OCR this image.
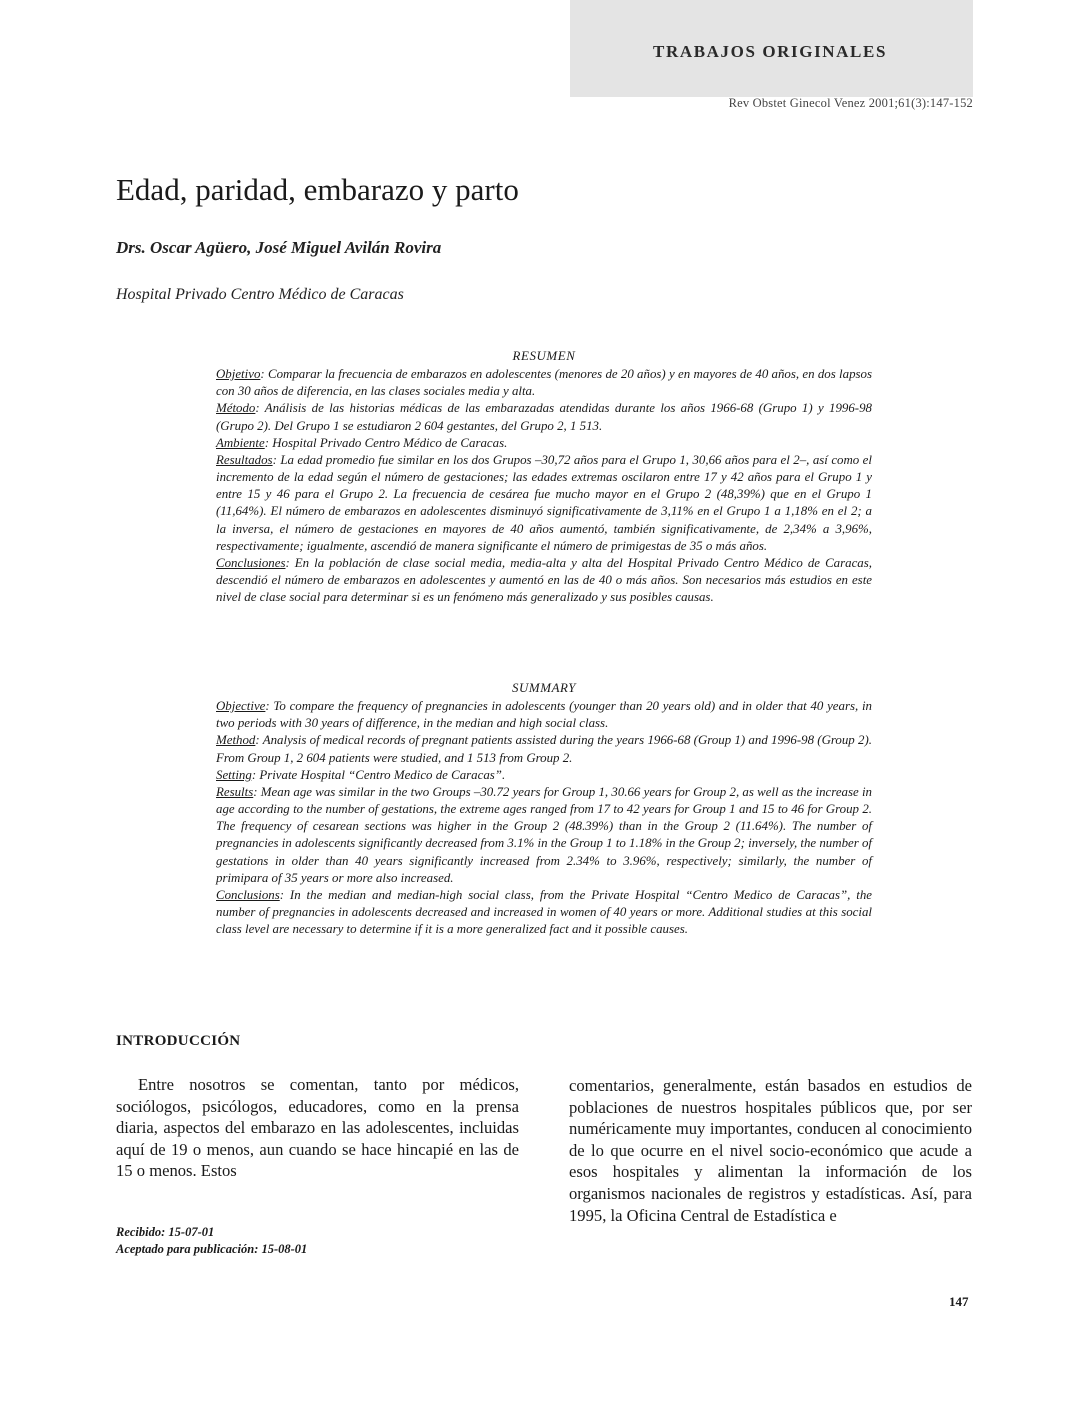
TRABAJOS ORIGINALES
Rev Obstet Ginecol Venez 2001;61(3):147-152
Edad, paridad, embarazo y parto
Drs. Oscar Agüero, José Miguel Avilán Rovira
Hospital Privado Centro Médico de Caracas
RESUMEN

Objetivo: Comparar la frecuencia de embarazos en adolescentes (menores de 20 años) y en mayores de 40 años, en dos lapsos con 30 años de diferencia, en las clases sociales media y alta.

Método: Análisis de las historias médicas de las embarazadas atendidas durante los años 1966-68 (Grupo 1) y 1996-98 (Grupo 2). Del Grupo 1 se estudiaron 2 604 gestantes, del Grupo 2, 1 513.

Ambiente: Hospital Privado Centro Médico de Caracas.

Resultados: La edad promedio fue similar en los dos Grupos –30,72 años para el Grupo 1, 30,66 años para el 2–, así como el incremento de la edad según el número de gestaciones; las edades extremas oscilaron entre 17 y 42 años para el Grupo 1 y entre 15 y 46 para el Grupo 2. La frecuencia de cesárea fue mucho mayor en el Grupo 2 (48,39%) que en el Grupo 1 (11,64%). El número de embarazos en adolescentes disminuyó significativamente de 3,11% en el Grupo 1 a 1,18% en el 2; a la inversa, el número de gestaciones en mayores de 40 años aumentó, también significativamente, de 2,34% a 3,96%, respectivamente; igualmente, ascendió de manera significante el número de primigestas de 35 o más años.

Conclusiones: En la población de clase social media, media-alta y alta del Hospital Privado Centro Médico de Caracas, descendió el número de embarazos en adolescentes y aumentó en las de 40 o más años. Son necesarios más estudios en este nivel de clase social para determinar si es un fenómeno más generalizado y sus posibles causas.

SUMMARY

Objective: To compare the frequency of pregnancies in adolescents (younger than 20 years old) and in older that 40 years, in two periods with 30 years of difference, in the median and high social class.

Method: Analysis of medical records of pregnant patients assisted during the years 1966-68 (Group 1) and 1996-98 (Group 2). From Group 1, 2 604 patients were studied, and 1 513 from Group 2.

Setting: Private Hospital “Centro Medico de Caracas”.

Results: Mean age was similar in the two Groups –30.72 years for Group 1, 30.66 years for Group 2, as well as the increase in age according to the number of gestations, the extreme ages ranged from 17 to 42 years for Group 1 and 15 to 46 for Group 2. The frequency of cesarean sections was higher in the Group 2 (48.39%) than in the Group 2 (11.64%). The number of pregnancies in adolescents significantly decreased from 3.1% in the Group 1 to 1.18% in the Group 2; inversely, the number of gestations in older than 40 years significantly increased from 2.34% to 3.96%, respectively; similarly, the number of primipara of 35 years or more also increased.

Conclusions: In the median and median-high social class, from the Private Hospital “Centro Medico de Caracas”, the number of pregnancies in adolescents decreased and increased in women of 40 years or more. Additional studies at this social class level are necessary to determine if it is a more generalized fact and it possible causes.

INTRODUCCIÓN

Entre nosotros se comentan, tanto por médicos, sociólogos, psicólogos, educadores, como en la prensa diaria, aspectos del embarazo en las adolescentes, incluidas aquí de 19 o menos, aun cuando se hace hincapié en las de 15 o menos. Estos

comentarios, generalmente, están basados en estudios de poblaciones de nuestros hospitales públicos que, por ser numéricamente muy importantes, conducen al conocimiento de lo que ocurre en el nivel socio-económico que acude a esos hospitales y alimentan la información de los organismos nacionales de registros y estadísticas. Así, para 1995, la Oficina Central de Estadística e

Recibido: 15-07-01
Aceptado para publicación: 15-08-01
147
